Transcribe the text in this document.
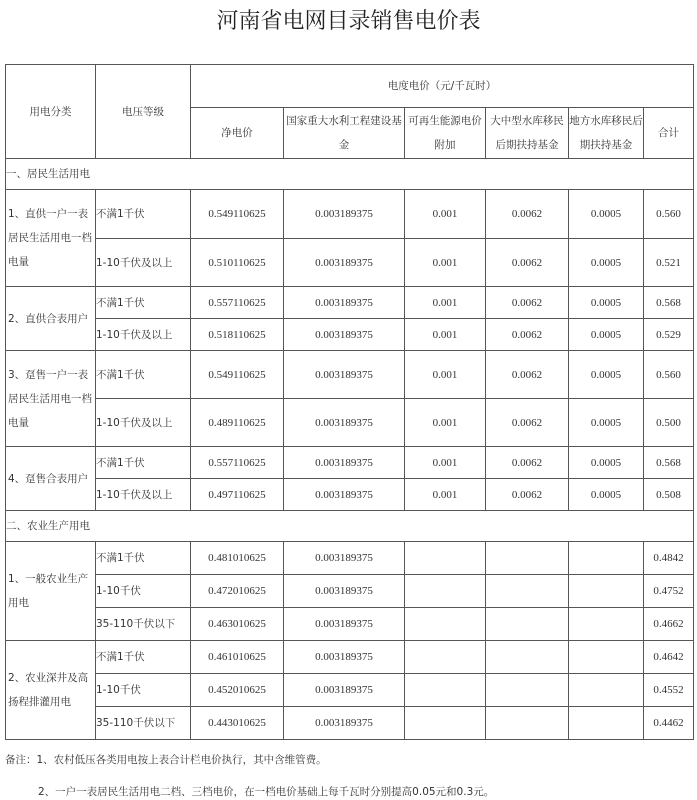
河南省电网目录销售电价表
用电分类	电压等级	电度电价（元/千瓦时）					
		净电价	国家重大水利工程建设基金	可再生能源电价附加	大中型水库移民后期扶持基金	地方水库移民后期扶持基金	合计
一、居民生活用电							
1、直供一户一表居民生活用电一档电量	不满1千伏	0.549110625	0.003189375	0.001	0.0062	0.0005	0.560
	1-10千伏及以上	0.510110625	0.003189375	0.001	0.0062	0.0005	0.521
2、直供合表用户	不满1千伏	0.557110625	0.003189375	0.001	0.0062	0.0005	0.568
	1-10千伏及以上	0.518110625	0.003189375	0.001	0.0062	0.0005	0.529
3、趸售一户一表居民生活用电一档电量	不满1千伏	0.549110625	0.003189375	0.001	0.0062	0.0005	0.560
	1-10千伏及以上	0.489110625	0.003189375	0.001	0.0062	0.0005	0.500
4、趸售合表用户	不满1千伏	0.557110625	0.003189375	0.001	0.0062	0.0005	0.568
	1-10千伏及以上	0.497110625	0.003189375	0.001	0.0062	0.0005	0.508
二、农业生产用电							
1、一般农业生产用电	不满1千伏	0.481010625	0.003189375				0.4842
	1-10千伏	0.472010625	0.003189375				0.4752
	35-110千伏以下	0.463010625	0.003189375				0.4662
2、农业深井及高扬程排灌用电	不满1千伏	0.461010625	0.003189375				0.4642
	1-10千伏	0.452010625	0.003189375				0.4552
	35-110千伏以下	0.443010625	0.003189375				0.4462
备注：1、农村低压各类用电按上表合计栏电价执行，其中含维管费。
2、一户一表居民生活用电二档、三档电价，在一档电价基础上每千瓦时分别提高0.05元和0.3元。
